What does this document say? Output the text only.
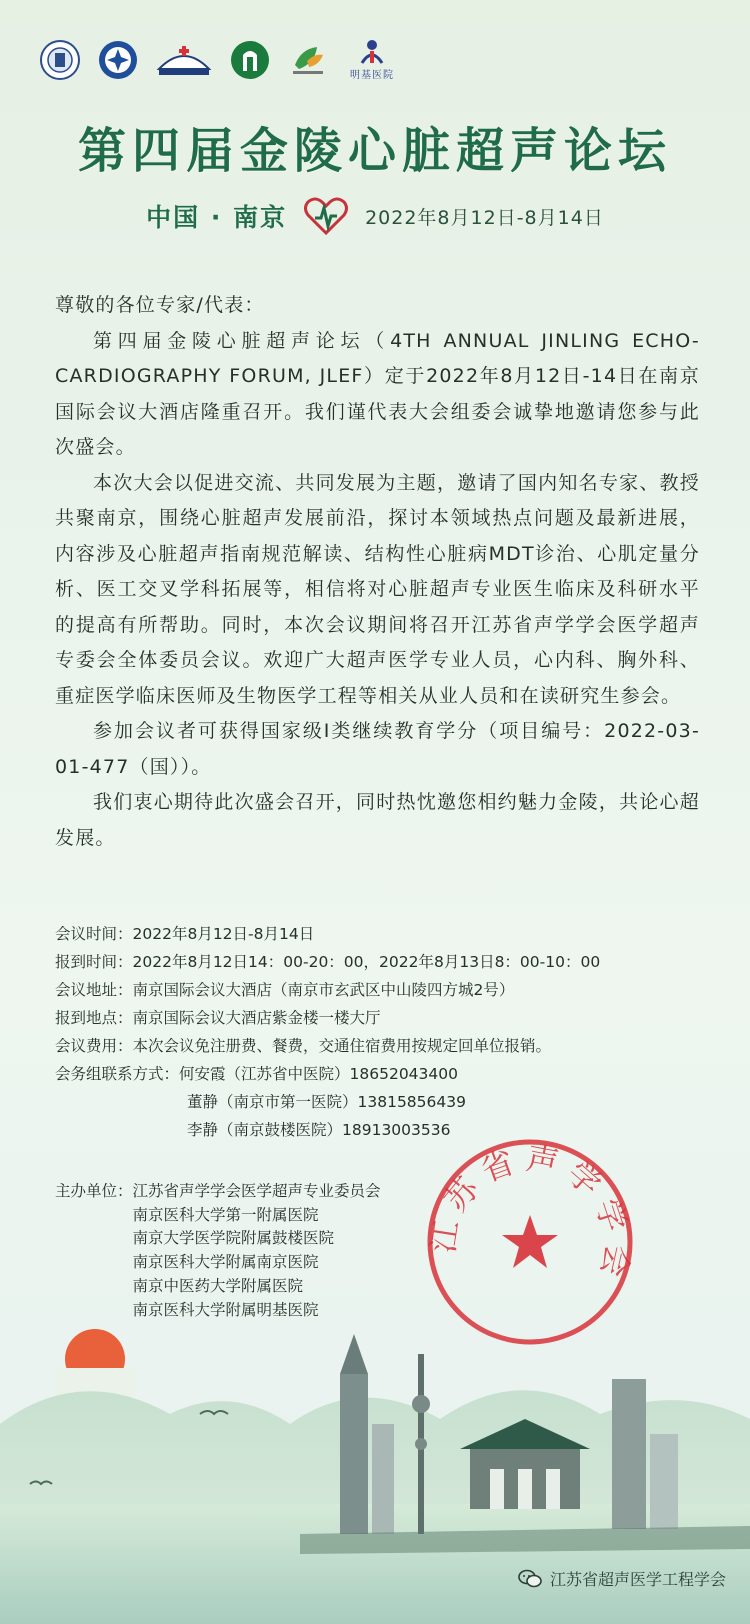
明基医院
第四届金陵心脏超声论坛
中国 · 南京	2022年8月12日-8月14日

尊敬的各位专家/代表：

第四届金陵心脏超声论坛（4TH ANNUAL JINLING ECHO-CARDIOGRAPHY FORUM, JLEF）定于2022年8月12日-14日在南京国际会议大酒店隆重召开。我们谨代表大会组委会诚挚地邀请您参与此次盛会。

本次大会以促进交流、共同发展为主题，邀请了国内知名专家、教授共聚南京，围绕心脏超声发展前沿，探讨本领域热点问题及最新进展，内容涉及心脏超声指南规范解读、结构性心脏病MDT诊治、心肌定量分析、医工交叉学科拓展等，相信将对心脏超声专业医生临床及科研水平的提高有所帮助。同时，本次会议期间将召开江苏省声学学会医学超声专委会全体委员会议。欢迎广大超声医学专业人员，心内科、胸外科、重症医学临床医师及生物医学工程等相关从业人员和在读研究生参会。

参加会议者可获得国家级I类继续教育学分（项目编号：2022-03-01-477（国））。

我们衷心期待此次盛会召开，同时热忱邀您相约魅力金陵，共论心超发展。

会议时间： 2022年8月12日-8月14日
报到时间： 2022年8月12日14：00-20：00，2022年8月13日8：00-10：00
会议地址： 南京国际会议大酒店（南京市玄武区中山陵四方城2号）
报到地点： 南京国际会议大酒店紫金楼一楼大厅
会议费用： 本次会议免注册费、餐费，交通住宿费用按规定回单位报销。
会务组联系方式： 何安霞（江苏省中医院）18652043400
董静（南京市第一医院）13815856439
李静（南京鼓楼医院）18913003536
主办单位： 江苏省声学学会医学超声专业委员会
南京医科大学第一附属医院
南京大学医学院附属鼓楼医院
南京医科大学附属南京医院
南京中医药大学附属医院
南京医科大学附属明基医院
江苏省声学学会
江苏省超声医学工程学会
